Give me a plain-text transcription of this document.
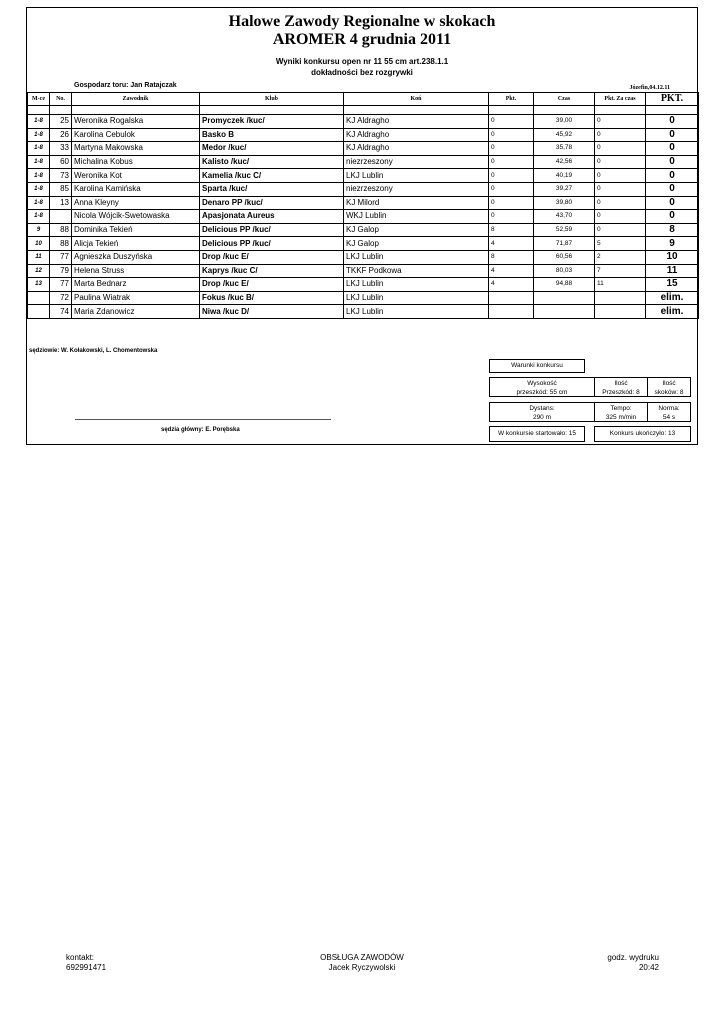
Halowe Zawody Regionalne w skokach
AROMER 4 grudnia 2011
Wyniki konkursu open nr 11 55 cm art.238.1.1
dokładności bez rozgrywki
Gospodarz toru: Jan Ratajczak	Józefin,04.12.11
M-ce	No.	Zawodnik	Klub	Koń	Pkt.	Czas	Pkt. Za czas	PKT.

1-8	25	Weronika Rogalska	Promyczek /kuc/	KJ Aldragho	0	39,00	0	0
1-8	26	Karolina Cebulok	Basko B	KJ Aldragho	0	45,92	0	0
1-8	33	Martyna Makowska	Medor /kuc/	KJ Aldragho	0	35,78	0	0
1-8	60	Michalina Kobus	Kalisto /kuc/	niezrzeszony	0	42,56	0	0
1-8	73	Weronika Kot	Kamelia /kuc C/	LKJ Lublin	0	40,19	0	0
1-8	85	Karolina Kamińska	Sparta /kuc/	niezrzeszony	0	39,27	0	0
1-8	13	Anna Kleyny	Denaro PP /kuc/	KJ Milord	0	39,80	0	0
1-8		Nicola Wójcik-Swetowaska	Apasjonata Aureus	WKJ Lublin	0	43,70	0	0
9	88	Dominika Tekień	Delicious PP /kuc/	KJ Galop	8	52,59	0	8
10	88	Alicja Tekień	Delicious PP /kuc/	KJ Galop	4	71,87	5	9
11	77	Agnieszka Duszyńska	Drop /kuc E/	LKJ Lublin	8	60,56	2	10
12	79	Helena Struss	Kaprys /kuc C/	TKKF Podkowa	4	80,03	7	11
13	77	Marta Bednarz	Drop /kuc E/	LKJ Lublin	4	94,88	11	15
	72	Paulina Wiatrak	Fokus /kuc B/	LKJ Lublin				elim.
	74	Maria Zdanowicz	Niwa /kuc D/	LKJ Lublin				elim.
sędziowie: W. Kołakowski, L. Chomentowska
sędzia główny: E. Porębska
Warunki konkursu
Wysokość
przeszkód: 55 cm
Ilość
Przeszkód: 8
Ilość
skoków: 8
Dystans:
290 m
Tempo:
325 m/min
Norma:
54 s
W konkursie startowało: 15	Konkurs ukończyło: 13
kontakt:
692991471
OBSŁUGA ZAWODÓW
Jacek Ryczywolski
godz. wydruku
20:42
